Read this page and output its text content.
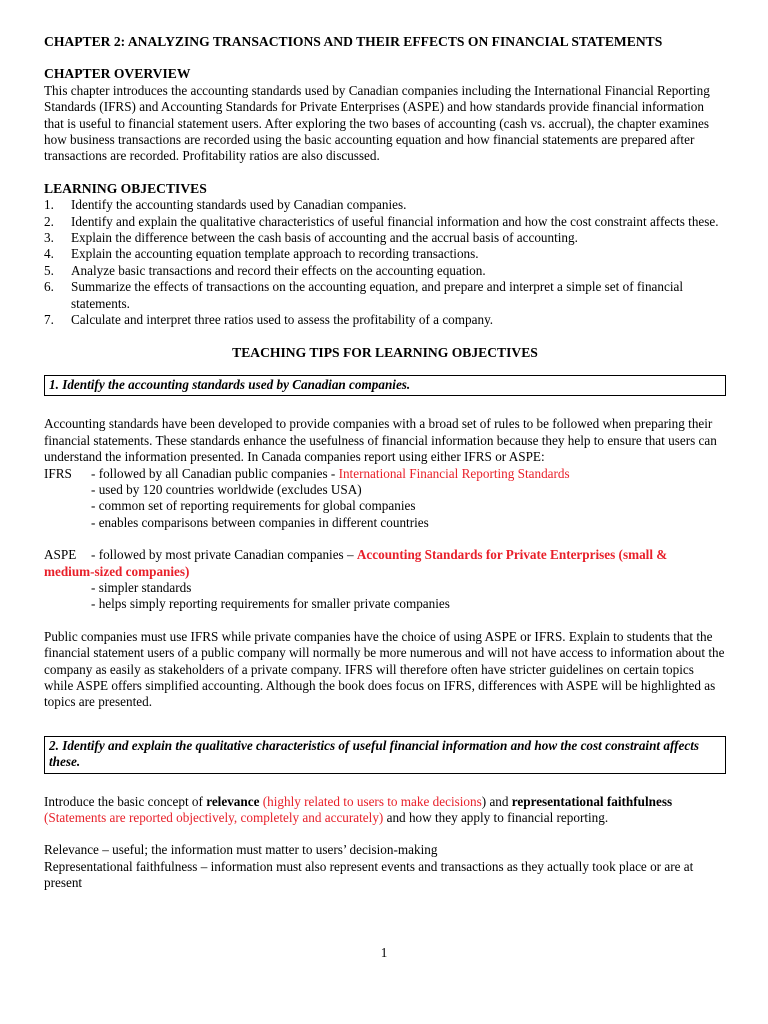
CHAPTER 2: ANALYZING TRANSACTIONS AND THEIR EFFECTS ON FINANCIAL STATEMENTS

CHAPTER OVERVIEW

This chapter introduces the accounting standards used by Canadian companies including the International Financial Reporting Standards (IFRS) and Accounting Standards for Private Enterprises (ASPE) and how standards provide financial information that is useful to financial statement users. After exploring the two bases of accounting (cash vs. accrual), the chapter examines how business transactions are recorded using the basic accounting equation and how financial statements are prepared after transactions are recorded. Profitability ratios are also discussed.

LEARNING OBJECTIVES

1.	Identify the accounting standards used by Canadian companies.
2.	Identify and explain the qualitative characteristics of useful financial information and how the cost constraint affects these.
3.	Explain the difference between the cash basis of accounting and the accrual basis of accounting.
4.	Explain the accounting equation template approach to recording transactions.
5.	Analyze basic transactions and record their effects on the accounting equation.
6.	Summarize the effects of transactions on the accounting equation, and prepare and interpret a simple set of financial statements.
7.	Calculate and interpret three ratios used to assess the profitability of a company.

TEACHING TIPS FOR LEARNING OBJECTIVES

1. Identify the accounting standards used by Canadian companies.

Accounting standards have been developed to provide companies with a broad set of rules to be followed when preparing their financial statements. These standards enhance the usefulness of financial information because they help to ensure that users can understand the information presented. In Canada companies report using either IFRS or ASPE:

IFRS	- followed by all Canadian public companies - International Financial Reporting Standards

- used by 120 countries worldwide (excludes USA)

- common set of reporting requirements for global companies

- enables comparisons between companies in different countries

ASPE	- followed by most private Canadian companies – Accounting Standards for Private Enterprises (small &

medium-sized companies)

- simpler standards

- helps simply reporting requirements for smaller private companies

Public companies must use IFRS while private companies have the choice of using ASPE or IFRS. Explain to students that the financial statement users of a public company will normally be more numerous and will not have access to information about the company as easily as stakeholders of a private company. IFRS will therefore often have stricter guidelines on certain topics while ASPE offers simplified accounting. Although the book does focus on IFRS, differences with ASPE will be highlighted as topics are presented.

2. Identify and explain the qualitative characteristics of useful financial information and how the cost constraint affects these.

Introduce the basic concept of relevance (highly related to users to make decisions) and representational faithfulness (Statements are reported objectively, completely and accurately) and how they apply to financial reporting.

Relevance – useful; the information must matter to users’ decision-making

Representational faithfulness – information must also represent events and transactions as they actually took place or are at present

1
